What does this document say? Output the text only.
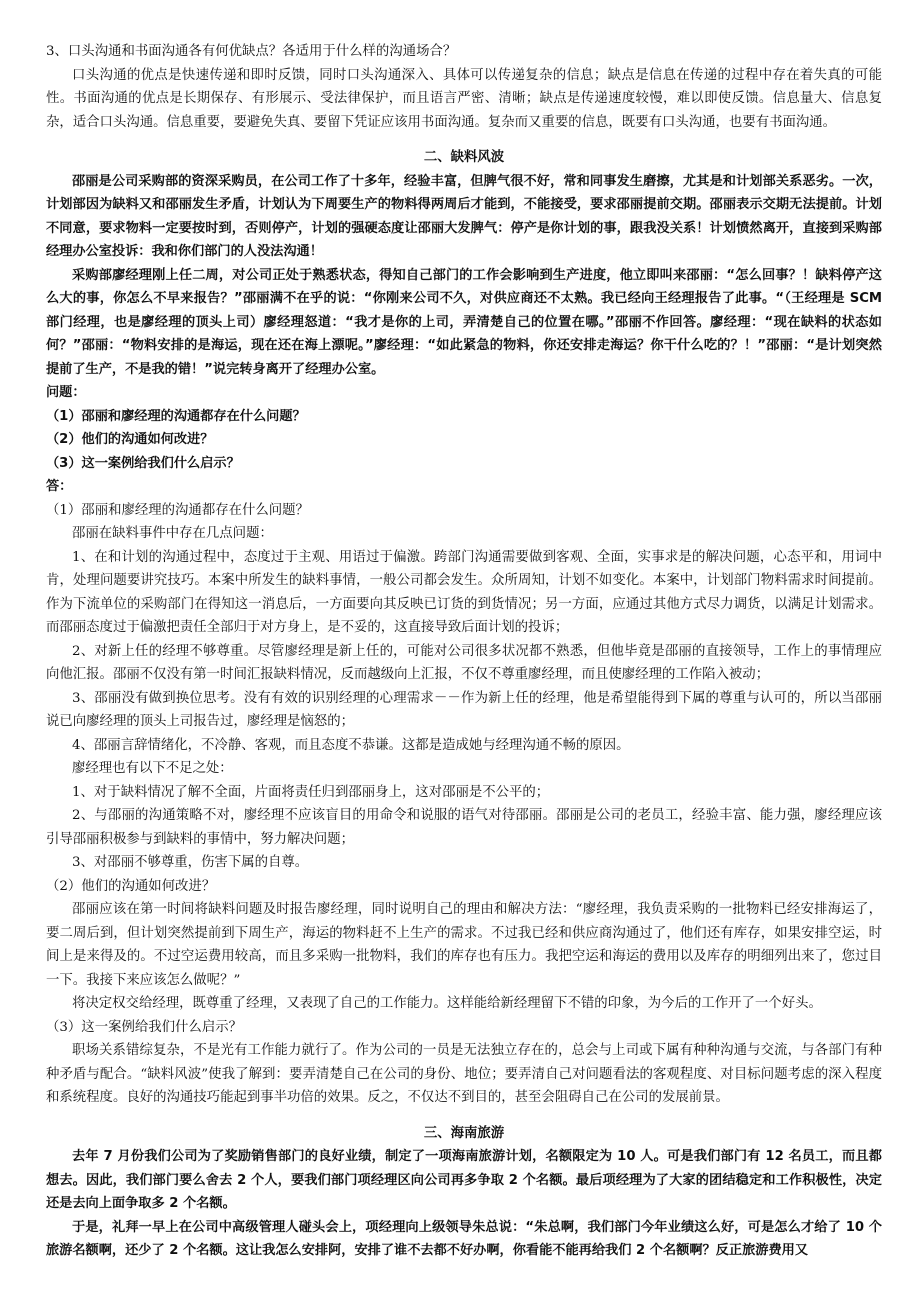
3、口头沟通和书面沟通各有何优缺点？各适用于什么样的沟通场合？

口头沟通的优点是快速传递和即时反馈，同时口头沟通深入、具体可以传递复杂的信息；缺点是信息在传递的过程中存在着失真的可能性。书面沟通的优点是长期保存、有形展示、受法律保护，而且语言严密、清晰；缺点是传递速度较慢，难以即使反馈。信息量大、信息复杂，适合口头沟通。信息重要，要避免失真、要留下凭证应该用书面沟通。复杂而又重要的信息，既要有口头沟通，也要有书面沟通。

二、缺料风波

邵丽是公司采购部的资深采购员，在公司工作了十多年，经验丰富，但脾气很不好，常和同事发生磨擦，尤其是和计划部关系恶劣。一次，计划部因为缺料又和邵丽发生矛盾，计划认为下周要生产的物料得两周后才能到，不能接受，要求邵丽提前交期。邵丽表示交期无法提前。计划不同意，要求物料一定要按时到，否则停产，计划的强硬态度让邵丽大发脾气：停产是你计划的事，跟我没关系！计划愤然离开，直接到采购部经理办公室投诉：我和你们部门的人没法沟通！

采购部廖经理刚上任二周，对公司正处于熟悉状态，得知自己部门的工作会影响到生产进度，他立即叫来邵丽：“怎么回事？！缺料停产这么大的事，你怎么不早来报告？”邵丽满不在乎的说：“你刚来公司不久，对供应商还不太熟。我已经向王经理报告了此事。“（王经理是 SCM 部门经理，也是廖经理的顶头上司）廖经理怒道：“我才是你的上司，弄清楚自己的位置在哪。”邵丽不作回答。廖经理：“现在缺料的状态如何？”邵丽：“物料安排的是海运，现在还在海上漂呢。”廖经理：“如此紧急的物料，你还安排走海运？你干什么吃的？！”邵丽：“是计划突然提前了生产，不是我的错！”说完转身离开了经理办公室。

问题：

（1）邵丽和廖经理的沟通都存在什么问题？

（2）他们的沟通如何改进？

（3）这一案例给我们什么启示？

答：

（1）邵丽和廖经理的沟通都存在什么问题？

邵丽在缺料事件中存在几点问题：

1、在和计划的沟通过程中，态度过于主观、用语过于偏激。跨部门沟通需要做到客观、全面，实事求是的解决问题，心态平和，用词中肯，处理问题要讲究技巧。本案中所发生的缺料事情，一般公司都会发生。众所周知，计划不如变化。本案中，计划部门物料需求时间提前。作为下流单位的采购部门在得知这一消息后，一方面要向其反映已订货的到货情况；另一方面，应通过其他方式尽力调货，以满足计划需求。而邵丽态度过于偏激把责任全部归于对方身上，是不妥的，这直接导致后面计划的投诉；

2、对新上任的经理不够尊重。尽管廖经理是新上任的，可能对公司很多状况都不熟悉，但他毕竟是邵丽的直接领导，工作上的事情理应向他汇报。邵丽不仅没有第一时间汇报缺料情况，反而越级向上汇报，不仅不尊重廖经理，而且使廖经理的工作陷入被动；

3、邵丽没有做到换位思考。没有有效的识别经理的心理需求－－作为新上任的经理，他是希望能得到下属的尊重与认可的，所以当邵丽说已向廖经理的顶头上司报告过，廖经理是恼怒的；

4、邵丽言辞情绪化，不冷静、客观，而且态度不恭谦。这都是造成她与经理沟通不畅的原因。

廖经理也有以下不足之处：

1、对于缺料情况了解不全面，片面将责任归到邵丽身上，这对邵丽是不公平的；

2、与邵丽的沟通策略不对，廖经理不应该盲目的用命令和说服的语气对待邵丽。邵丽是公司的老员工，经验丰富、能力强，廖经理应该引导邵丽积极参与到缺料的事情中，努力解决问题；

3、对邵丽不够尊重，伤害下属的自尊。

（2）他们的沟通如何改进？

邵丽应该在第一时间将缺料问题及时报告廖经理，同时说明自己的理由和解决方法：“廖经理，我负责采购的一批物料已经安排海运了，要二周后到，但计划突然提前到下周生产，海运的物料赶不上生产的需求。不过我已经和供应商沟通过了，他们还有库存，如果安排空运，时间上是来得及的。不过空运费用较高，而且多采购一批物料，我们的库存也有压力。我把空运和海运的费用以及库存的明细列出来了，您过目一下。我接下来应该怎么做呢？”

将决定权交给经理，既尊重了经理，又表现了自己的工作能力。这样能给新经理留下不错的印象，为今后的工作开了一个好头。

（3）这一案例给我们什么启示？

职场关系错综复杂，不是光有工作能力就行了。作为公司的一员是无法独立存在的，总会与上司或下属有种种沟通与交流，与各部门有种种矛盾与配合。“缺料风波”使我了解到：要弄清楚自己在公司的身份、地位；要弄清自己对问题看法的客观程度、对目标问题考虑的深入程度和系统程度。良好的沟通技巧能起到事半功倍的效果。反之，不仅达不到目的，甚至会阻碍自己在公司的发展前景。

三、海南旅游

去年 7 月份我们公司为了奖励销售部门的良好业绩，制定了一项海南旅游计划，名额限定为 10 人。可是我们部门有 12 名员工，而且都想去。因此，我们部门要么舍去 2 个人，要我们部门项经理区向公司再多争取 2 个名额。最后项经理为了大家的团结稳定和工作积极性，决定还是去向上面争取多 2 个名额。

于是，礼拜一早上在公司中高级管理人碰头会上，项经理向上级领导朱总说：“朱总啊，我们部门今年业绩这么好，可是怎么才给了 10 个旅游名额啊，还少了 2 个名额。这让我怎么安排阿，安排了谁不去都不好办啊，你看能不能再给我们 2 个名额啊？反正旅游费用又
